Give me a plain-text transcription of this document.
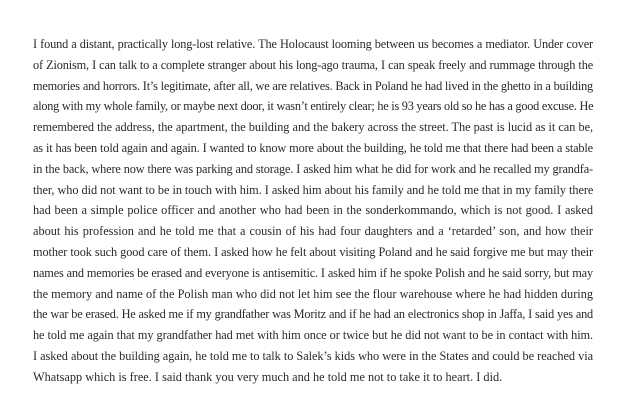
I found a distant, practically long-lost relative. The Holocaust looming between us becomes a mediator. Under cover
of Zionism, I can talk to a complete stranger about his long-ago trauma, I can speak freely and rummage through the
memories and horrors. It’s legitimate, after all, we are relatives. Back in Poland he had lived in the ghetto in a building
along with my whole family, or maybe next door, it wasn’t entirely clear; he is 93 years old so he has a good excuse. He
remembered the address, the apartment, the building and the bakery across the street. The past is lucid as it can be,
as it has been told again and again. I wanted to know more about the building, he told me that there had been a stable
in the back, where now there was parking and storage. I asked him what he did for work and he recalled my grandfa-
ther, who did not want to be in touch with him. I asked him about his family and he told me that in my family there
had been a simple police officer and another who had been in the sonderkommando, which is not good. I asked
about his profession and he told me that a cousin of his had four daughters and a ‘retarded’ son, and how their
mother took such good care of them. I asked how he felt about visiting Poland and he said forgive me but may their
names and memories be erased and everyone is antisemitic. I asked him if he spoke Polish and he said sorry, but may
the memory and name of the Polish man who did not let him see the flour warehouse where he had hidden during
the war be erased. He asked me if my grandfather was Moritz and if he had an electronics shop in Jaffa, I said yes and
he told me again that my grandfather had met with him once or twice but he did not want to be in contact with him.
I asked about the building again, he told me to talk to Salek’s kids who were in the States and could be reached via
Whatsapp which is free. I said thank you very much and he told me not to take it to heart. I did.
